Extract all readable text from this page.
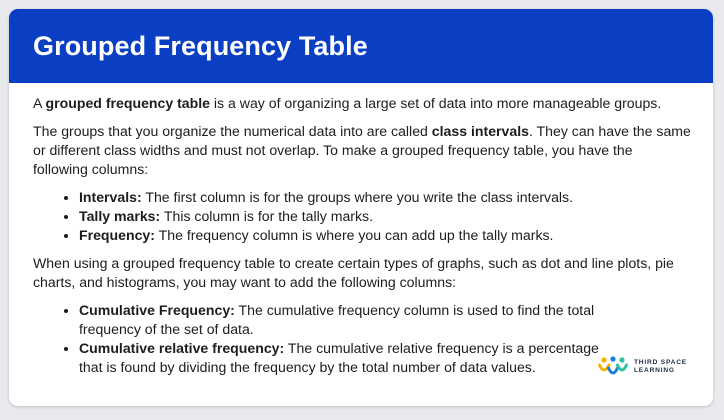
Grouped Frequency Table

A grouped frequency table is a way of organizing a large set of data into more manageable groups.

The groups that you organize the numerical data into are called class intervals. They can have the same or different class widths and must not overlap. To make a grouped frequency table, you have the following columns:

• Intervals: The first column is for the groups where you write the class intervals.
• Tally marks: This column is for the tally marks.
• Frequency: The frequency column is where you can add up the tally marks.

When using a grouped frequency table to create certain types of graphs, such as dot and line plots, pie charts, and histograms, you may want to add the following columns:

• Cumulative Frequency: The cumulative frequency column is used to find the total frequency of the set of data.
• Cumulative relative frequency: The cumulative relative frequency is a percentage that is found by dividing the frequency by the total number of data values.	THIRD SPACE
LEARNING
